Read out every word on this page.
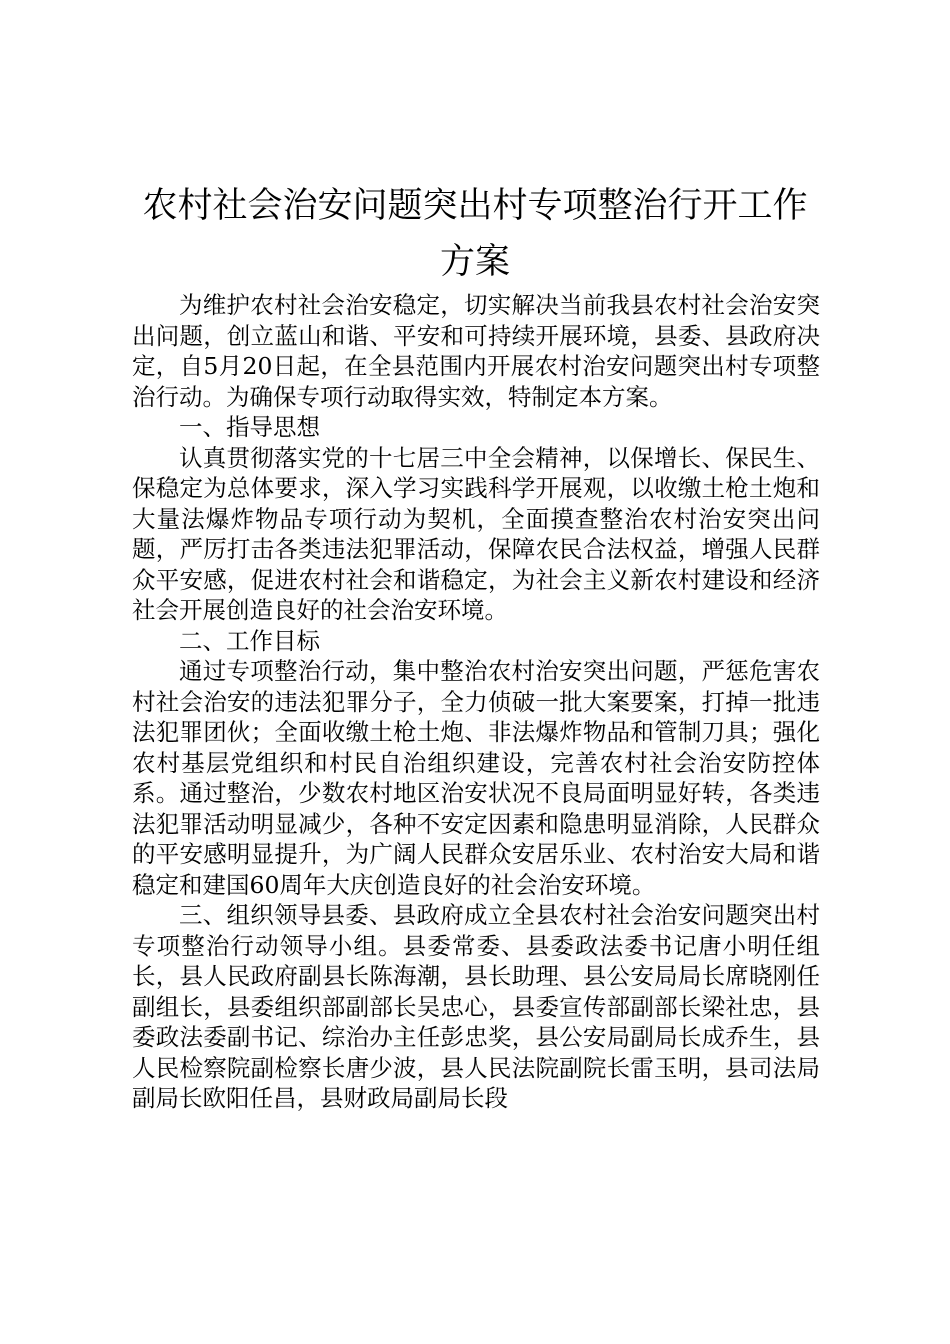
农村社会治安问题突出村专项整治行开工作
方案

为维护农村社会治安稳定，切实解决当前我县农村社会治安突出问题，创立蓝山和谐、平安和可持续开展环境，县委、县政府决定，自5月20日起，在全县范围内开展农村治安问题突出村专项整治行动。为确保专项行动取得实效，特制定本方案。

一、指导思想

认真贯彻落实党的十七居三中全会精神，以保增长、保民生、保稳定为总体要求，深入学习实践科学开展观，以收缴土枪土炮和大量法爆炸物品专项行动为契机，全面摸查整治农村治安突出问题，严厉打击各类违法犯罪活动，保障农民合法权益，增强人民群众平安感，促进农村社会和谐稳定，为社会主义新农村建设和经济社会开展创造良好的社会治安环境。

二、工作目标

通过专项整治行动，集中整治农村治安突出问题，严惩危害农村社会治安的违法犯罪分子，全力侦破一批大案要案，打掉一批违法犯罪团伙；全面收缴土枪土炮、非法爆炸物品和管制刀具；强化农村基层党组织和村民自治组织建设，完善农村社会治安防控体系。通过整治，少数农村地区治安状况不良局面明显好转，各类违法犯罪活动明显减少，各种不安定因素和隐患明显消除，人民群众的平安感明显提升，为广阔人民群众安居乐业、农村治安大局和谐稳定和建国60周年大庆创造良好的社会治安环境。

三、组织领导县委、县政府成立全县农村社会治安问题突出村专项整治行动领导小组。县委常委、县委政法委书记唐小明任组长，县人民政府副县长陈海潮，县长助理、县公安局局长席晓刚任副组长，县委组织部副部长吴忠心，县委宣传部副部长梁社忠，县委政法委副书记、综治办主任彭忠奖，县公安局副局长成乔生，县人民检察院副检察长唐少波，县人民法院副院长雷玉明，县司法局副局长欧阳任昌，县财政局副局长段
